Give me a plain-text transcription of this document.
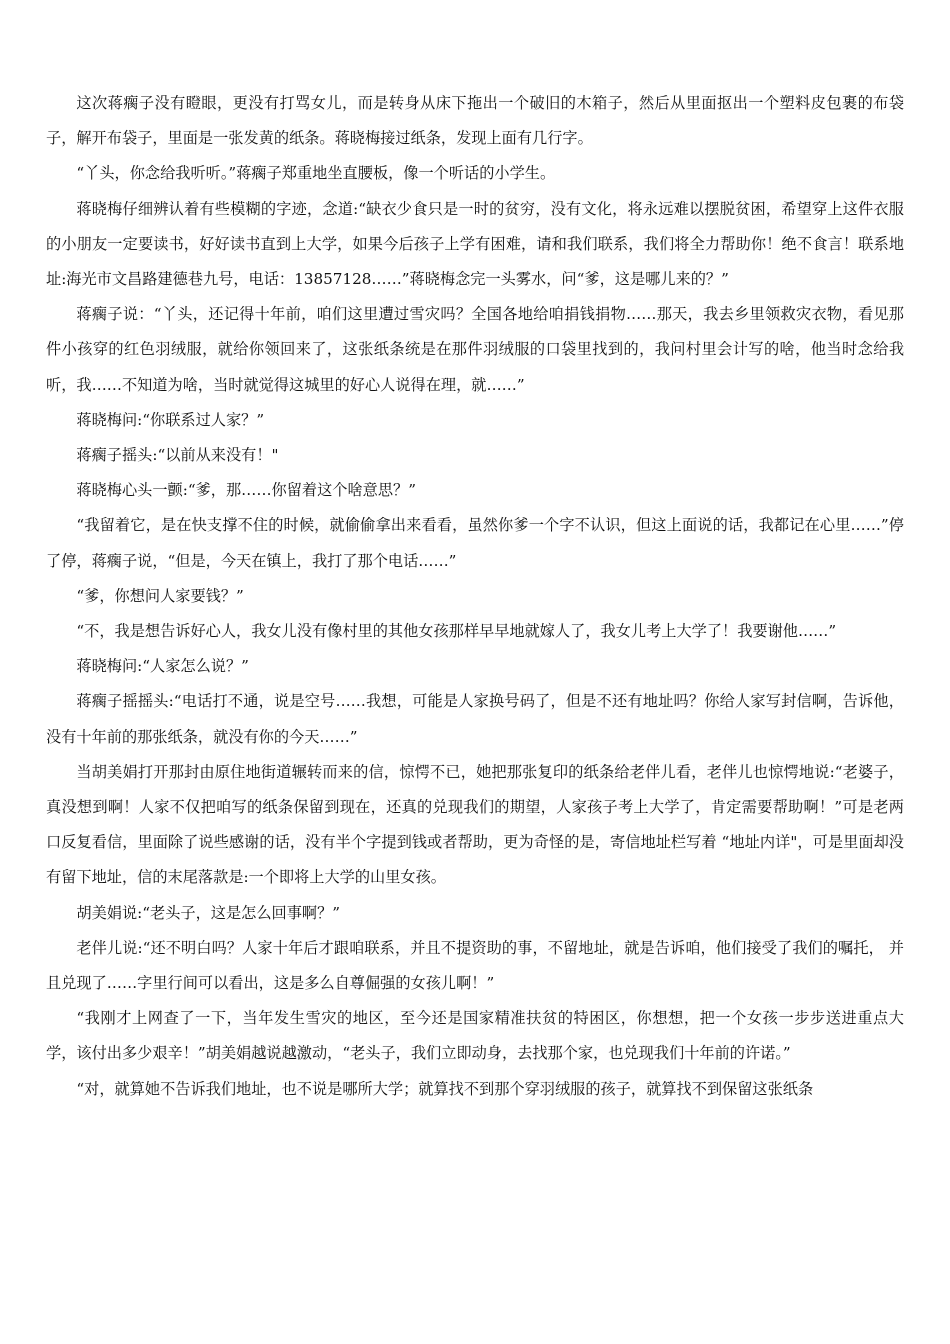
这次蒋瘸子没有瞪眼，更没有打骂女儿，而是转身从床下拖出一个破旧的木箱子，然后从里面抠出一个塑料皮包裹的布袋子，解开布袋子，里面是一张发黄的纸条。蒋晓梅接过纸条，发现上面有几行字。

“丫头，你念给我听听。”蒋瘸子郑重地坐直腰板，像一个听话的小学生。

蒋晓梅仔细辨认着有些模糊的字迹，念道:“缺衣少食只是一时的贫穷，没有文化，将永远难以摆脱贫困，希望穿上这件衣服的小朋友一定要读书，好好读书直到上大学，如果今后孩子上学有困难，请和我们联系，我们将全力帮助你！绝不食言！联系地址:海光市文昌路建德巷九号，电话：13857128……”蒋晓梅念完一头雾水，问“爹，这是哪儿来的？”

蒋瘸子说：“丫头，还记得十年前，咱们这里遭过雪灾吗？全国各地给咱捐钱捐物……那天，我去乡里领救灾衣物，看见那件小孩穿的红色羽绒服，就给你领回来了，这张纸条统是在那件羽绒服的口袋里找到的，我问村里会计写的啥，他当时念给我听，我……不知道为啥，当时就觉得这城里的好心人说得在理，就……”

蒋晓梅问:“你联系过人家？”

蒋瘸子摇头:“以前从来没有！"

蒋晓梅心头一颤:“爹，那……你留着这个啥意思？”

“我留着它，是在快支撑不住的时候，就偷偷拿出来看看，虽然你爹一个字不认识，但这上面说的话，我都记在心里……”停了停，蒋瘸子说，“但是，今天在镇上，我打了那个电话……”

“爹，你想问人家要钱？”

“不，我是想告诉好心人，我女儿没有像村里的其他女孩那样早早地就嫁人了，我女儿考上大学了！我要谢他……”

蒋晓梅问:“人家怎么说？”

蒋瘸子摇摇头:“电话打不通，说是空号……我想，可能是人家换号码了，但是不还有地址吗？你给人家写封信啊，告诉他，没有十年前的那张纸条，就没有你的今天……”

当胡美娟打开那封由原住地街道辗转而来的信，惊愕不已，她把那张复印的纸条给老伴儿看，老伴儿也惊愕地说:“老婆子，真没想到啊！人家不仅把咱写的纸条保留到现在，还真的兑现我们的期望，人家孩子考上大学了，肯定需要帮助啊！”可是老两口反复看信，里面除了说些感谢的话，没有半个字提到钱或者帮助，更为奇怪的是，寄信地址栏写着 “地址内详"，可是里面却没有留下地址，信的末尾落款是:一个即将上大学的山里女孩。

胡美娟说:“老头子，这是怎么回事啊？”

老伴儿说:“还不明白吗？人家十年后才跟咱联系，并且不提资助的事，不留地址，就是告诉咱，他们接受了我们的嘱托， 并且兑现了……字里行间可以看出，这是多么自尊倔强的女孩儿啊！”

“我刚才上网查了一下，当年发生雪灾的地区，至今还是国家精准扶贫的特困区，你想想，把一个女孩一步步送进重点大学，该付出多少艰辛！”胡美娟越说越激动，“老头子，我们立即动身，去找那个家，也兑现我们十年前的许诺。”

“对，就算她不告诉我们地址，也不说是哪所大学；就算找不到那个穿羽绒服的孩子，就算找不到保留这张纸条
